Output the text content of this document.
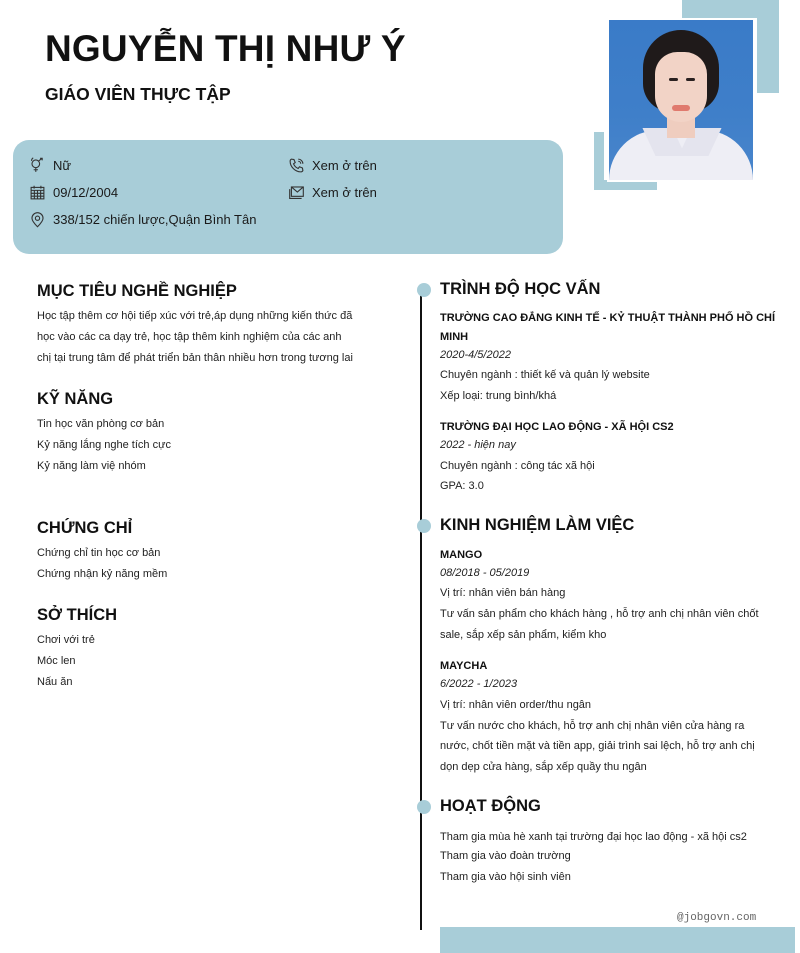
NGUYỄN THỊ NHƯ Ý
GIÁO VIÊN THỰC TẬP
Nữ
09/12/2004
338/152 chiến lược,Quận Bình Tân
Xem ở trên
Xem ở trên
MỤC TIÊU NGHỀ NGHIỆP
Học tập thêm cơ hội tiếp xúc với trẻ,áp dụng những kiến thức đã
học vào các ca dạy trẻ, học tập thêm kinh nghiệm của các anh
chị tại trung tâm để phát triển bản thân nhiều hơn trong tương lai
KỸ NĂNG
Tin học văn phòng cơ bản
Kỷ năng lắng nghe tích cực
Kỷ năng làm việ nhóm
CHỨNG CHỈ
Chứng chỉ tin học cơ bản
Chứng nhận kỷ năng mềm
SỞ THÍCH
Chơi với trẻ
Móc len
Nấu ăn
TRÌNH ĐỘ HỌC VẤN
TRƯỜNG CAO ĐẲNG KINH TẾ - KỶ THUẬT THÀNH PHỐ HỒ CHÍ
MINH
2020-4/5/2022
Chuyên ngành : thiết kế và quản lý website
Xếp loại: trung bình/khá
TRƯỜNG ĐẠI HỌC LAO ĐỘNG - XÃ HỘI CS2
2022 - hiện nay
Chuyên ngành : công tác xã hội
GPA: 3.0
KINH NGHIỆM LÀM VIỆC
MANGO
08/2018 - 05/2019
Vị trí: nhân viên bán hàng
Tư vấn sản phẩm cho khách hàng , hỗ trợ anh chị nhân viên chốt
sale, sắp xếp sản phẩm, kiểm kho
MAYCHA
6/2022 - 1/2023
Vị trí: nhân viên order/thu ngân
Tư vấn nước cho khách, hỗ trợ anh chị nhân viên cửa hàng ra
nước, chốt tiền mặt và tiền app, giải trình sai lệch, hỗ trợ anh chị
dọn dẹp cửa hàng, sắp xếp quầy thu ngân
HOẠT ĐỘNG
Tham gia mùa hè xanh tại trường đại học lao động - xã hội cs2
Tham gia vào đoàn trường
Tham gia vào hội sinh viên
@jobgovn.com
